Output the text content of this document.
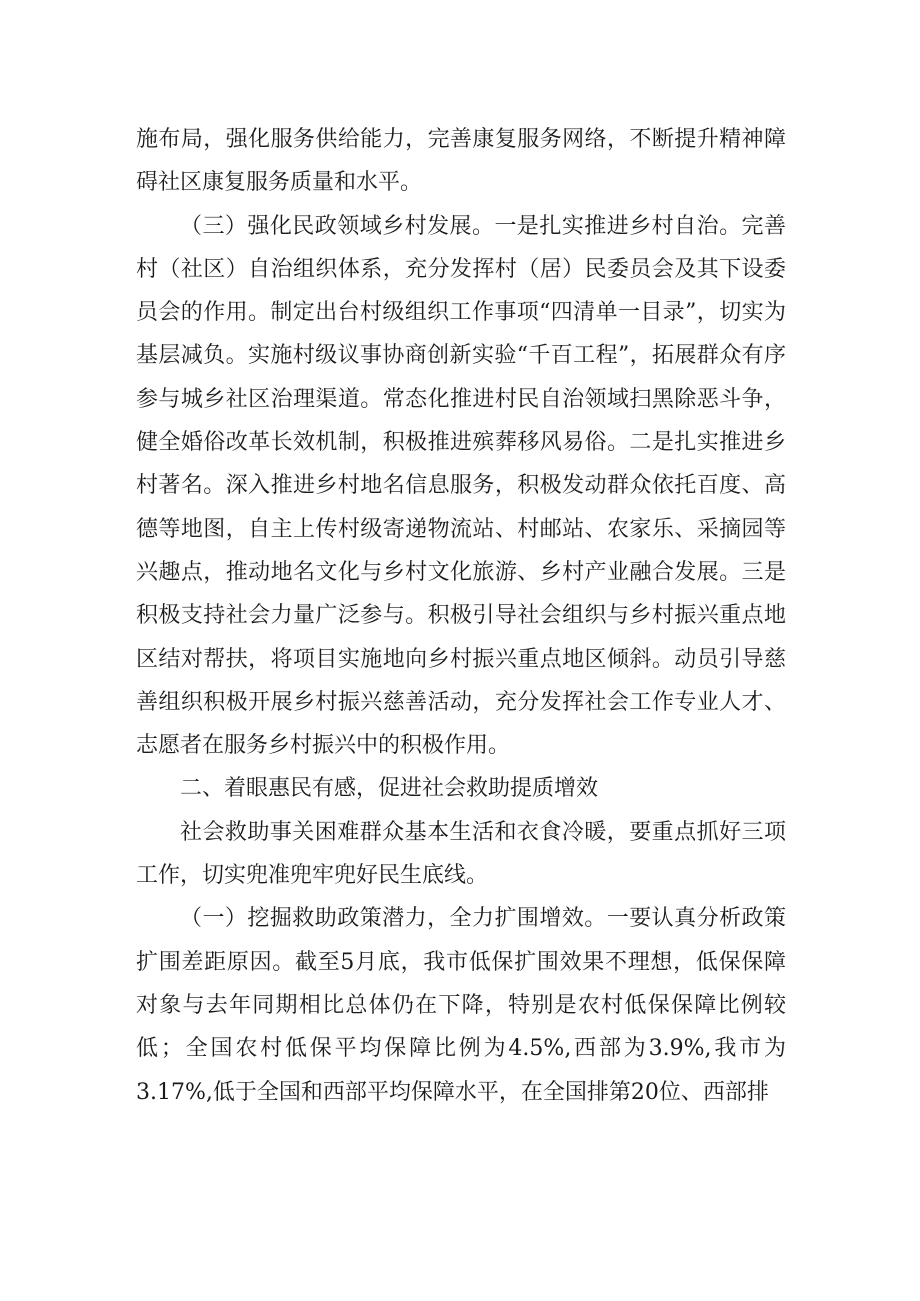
施布局，强化服务供给能力，完善康复服务网络，不断提升精神障碍社区康复服务质量和水平。

（三）强化民政领域乡村发展。一是扎实推进乡村自治。完善村（社区）自治组织体系，充分发挥村（居）民委员会及其下设委员会的作用。制定出台村级组织工作事项“四清单一目录”，切实为基层减负。实施村级议事协商创新实验“千百工程”，拓展群众有序参与城乡社区治理渠道。常态化推进村民自治领域扫黑除恶斗争，健全婚俗改革长效机制，积极推进殡葬移风易俗。二是扎实推进乡村著名。深入推进乡村地名信息服务，积极发动群众依托百度、高德等地图，自主上传村级寄递物流站、村邮站、农家乐、采摘园等兴趣点，推动地名文化与乡村文化旅游、乡村产业融合发展。三是积极支持社会力量广泛参与。积极引导社会组织与乡村振兴重点地区结对帮扶，将项目实施地向乡村振兴重点地区倾斜。动员引导慈善组织积极开展乡村振兴慈善活动，充分发挥社会工作专业人才、志愿者在服务乡村振兴中的积极作用。

二、着眼惠民有感，促进社会救助提质增效

社会救助事关困难群众基本生活和衣食冷暖，要重点抓好三项工作，切实兜准兜牢兜好民生底线。

（一）挖掘救助政策潜力，全力扩围增效。一要认真分析政策扩围差距原因。截至5月底，我市低保扩围效果不理想，低保保障对象与去年同期相比总体仍在下降，特别是农村低保保障比例较低；全国农村低保平均保障比例为4.5%,西部为3.9%,我市为3.17%,低于全国和西部平均保障水平，在全国排第20位、西部排
